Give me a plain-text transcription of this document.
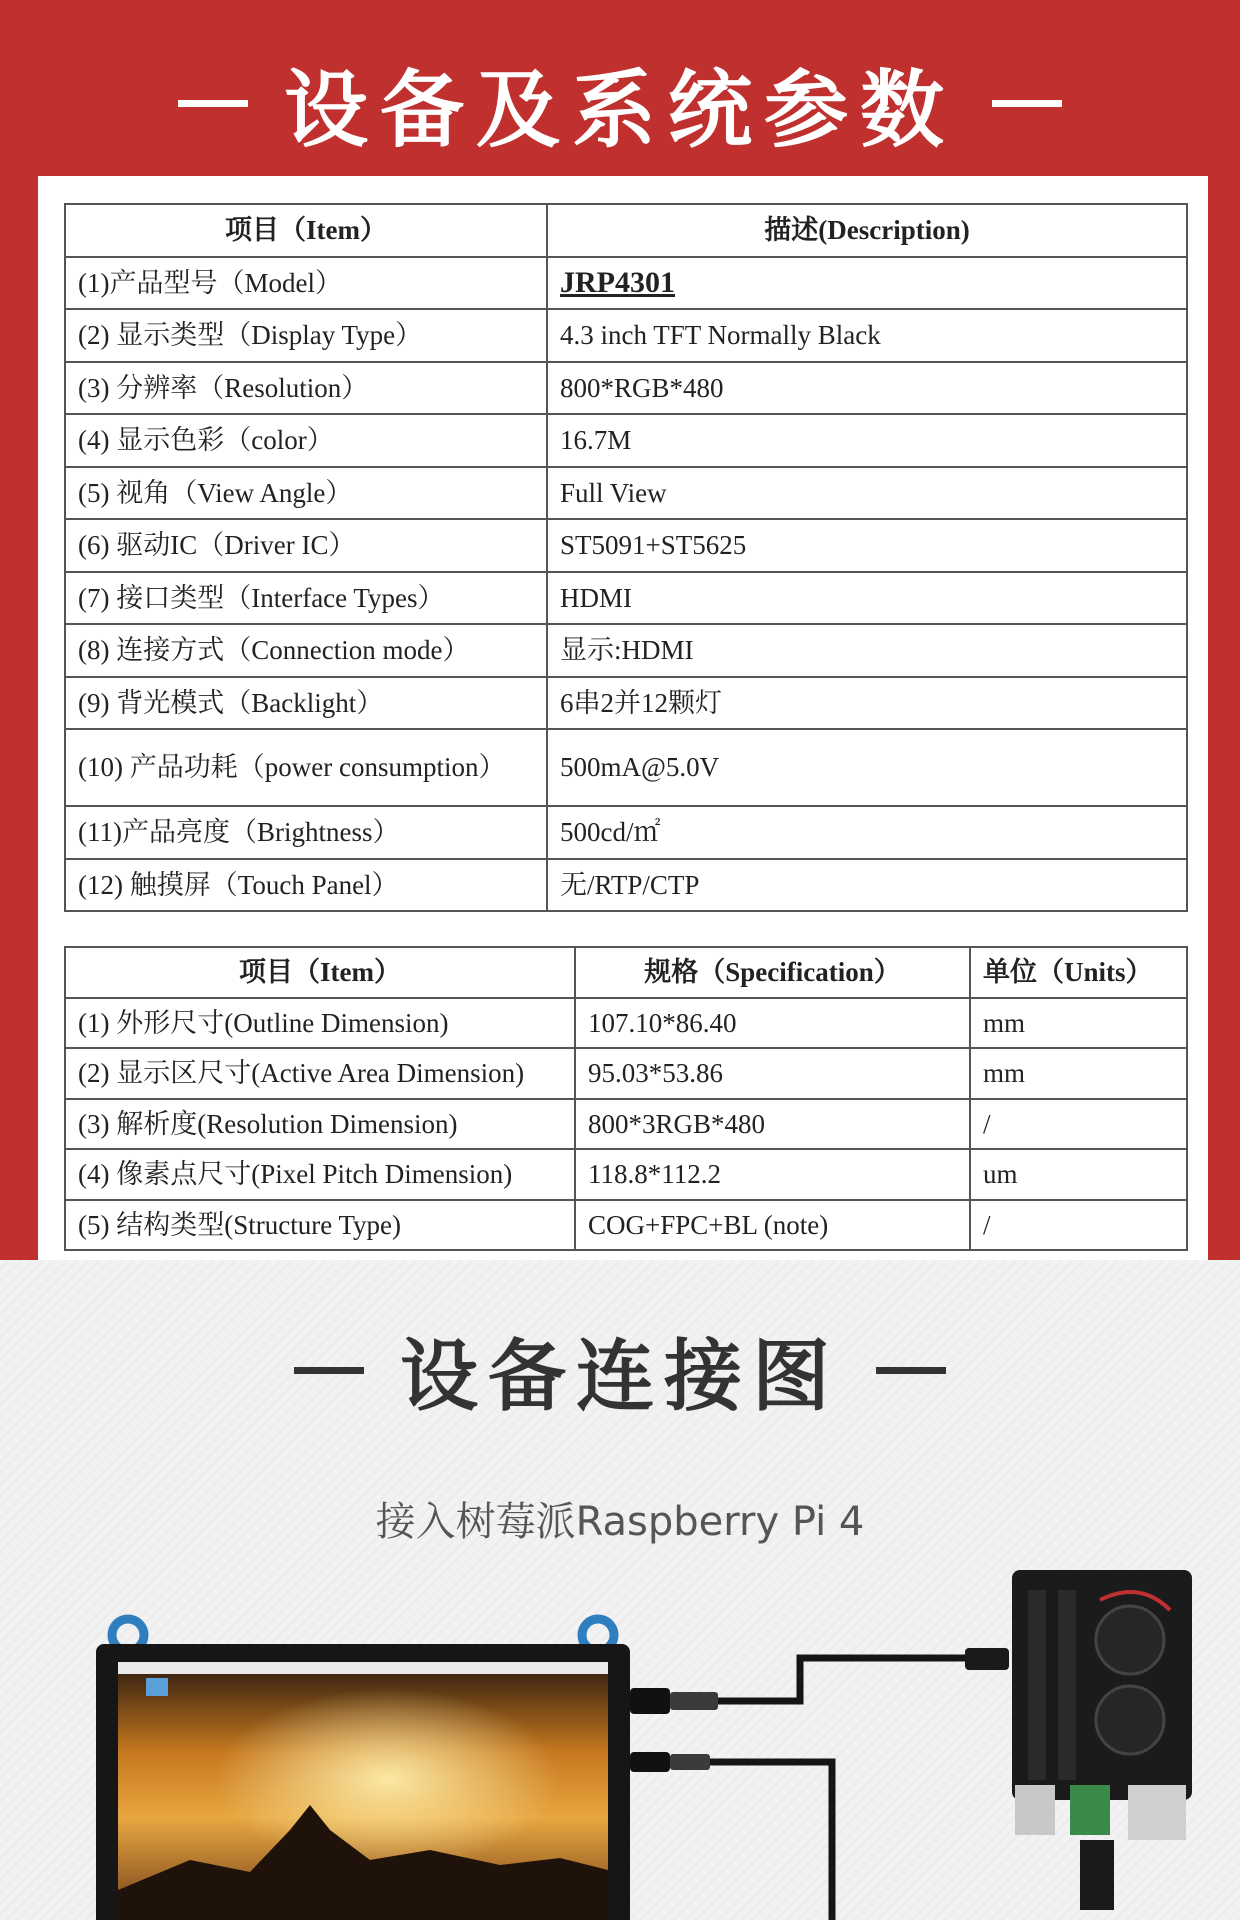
设备及系统参数
项目（Item）	描述(Description)
(1)产品型号（Model）	JRP4301
(2) 显示类型（Display Type）	4.3 inch TFT Normally Black
(3) 分辨率（Resolution）	800*RGB*480
(4) 显示色彩（color）	16.7M
(5) 视角（View Angle）	Full View
(6) 驱动IC（Driver IC）	ST5091+ST5625
(7) 接口类型（Interface Types）	HDMI
(8) 连接方式（Connection mode）	显示:HDMI
(9) 背光模式（Backlight）	6串2并12颗灯
(10) 产品功耗（power consumption）	500mA@5.0V
(11)产品亮度（Brightness）	500cd/㎡
(12) 触摸屏（Touch Panel）	无/RTP/CTP
项目（Item）	规格（Specification）	单位（Units）
(1) 外形尺寸(Outline Dimension)	107.10*86.40	mm
(2) 显示区尺寸(Active Area Dimension)	95.03*53.86	mm
(3) 解析度(Resolution Dimension)	800*3RGB*480	/
(4) 像素点尺寸(Pixel Pitch Dimension)	118.8*112.2	um
(5) 结构类型(Structure Type)	COG+FPC+BL (note)	/
设备连接图
接入树莓派Raspberry Pi 4
